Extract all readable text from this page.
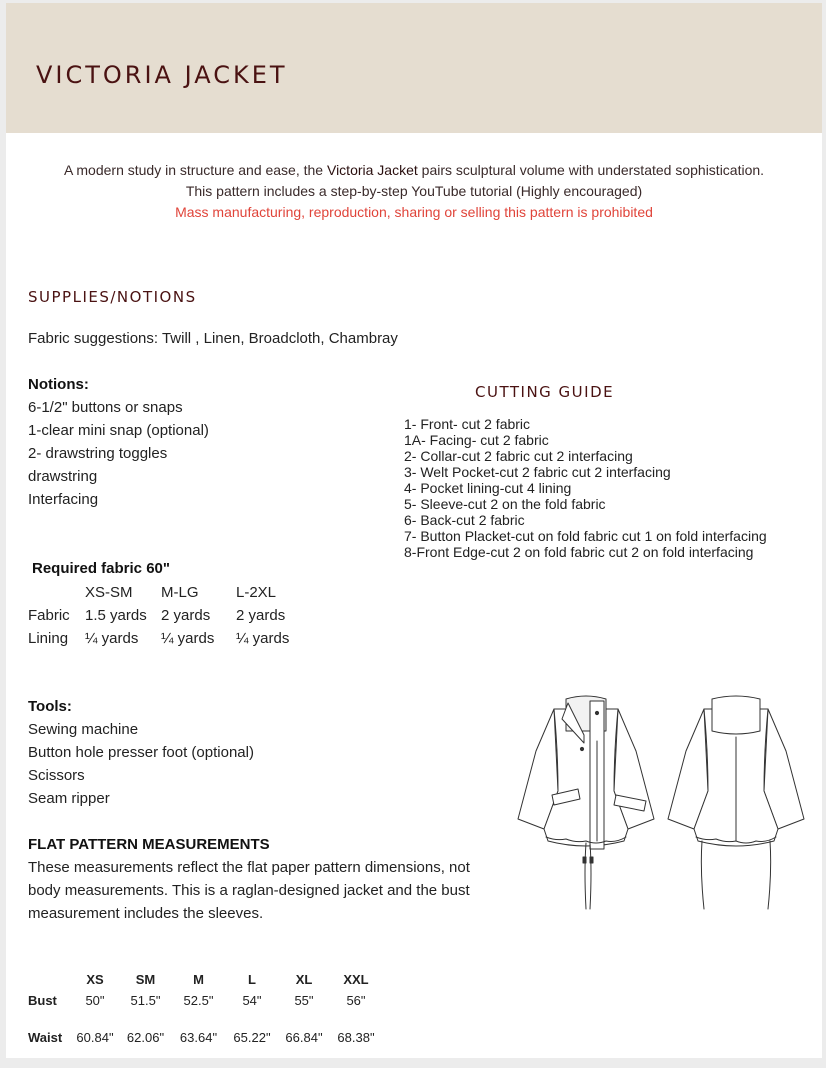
VICTORIA JACKET
A modern study in structure and ease, the Victoria Jacket pairs sculptural volume with understated sophistication.
This pattern includes a step-by-step YouTube tutorial (Highly encouraged)
Mass manufacturing, reproduction, sharing or selling this pattern is prohibited
SUPPLIES/NOTIONS
Fabric suggestions: Twill , Linen, Broadcloth, Chambray
Notions:
6-1/2" buttons or snaps
1-clear mini snap (optional)
2- drawstring toggles
drawstring
Interfacing
CUTTING GUIDE
1- Front- cut 2 fabric
1A- Facing- cut 2 fabric
2- Collar-cut 2 fabric cut 2 interfacing
3- Welt Pocket-cut 2 fabric cut 2 interfacing
4- Pocket lining-cut 4 lining
5- Sleeve-cut 2 on the fold fabric
6- Back-cut 2 fabric
7- Button Placket-cut on fold fabric cut 1 on fold interfacing
8-Front Edge-cut 2 on fold fabric cut 2 on fold interfacing
Required fabric 60"
	XS-SM	M-LG	L-2XL
Fabric	1.5 yards	2 yards	2 yards
Lining	¼ yards	¼ yards	¼ yards
Tools:
Sewing machine
Button hole presser foot (optional)
Scissors
Seam ripper
FLAT PATTERN MEASUREMENTS
These measurements reflect the flat paper pattern dimensions, not body measurements. This is a raglan-designed jacket and the bust measurement includes the sleeves.
	XS	SM	M	L	XL	XXL
Bust	50"	51.5"	52.5"	54"	55"	56"

Waist	60.84"	62.06"	63.64"	65.22"	66.84"	68.38"
